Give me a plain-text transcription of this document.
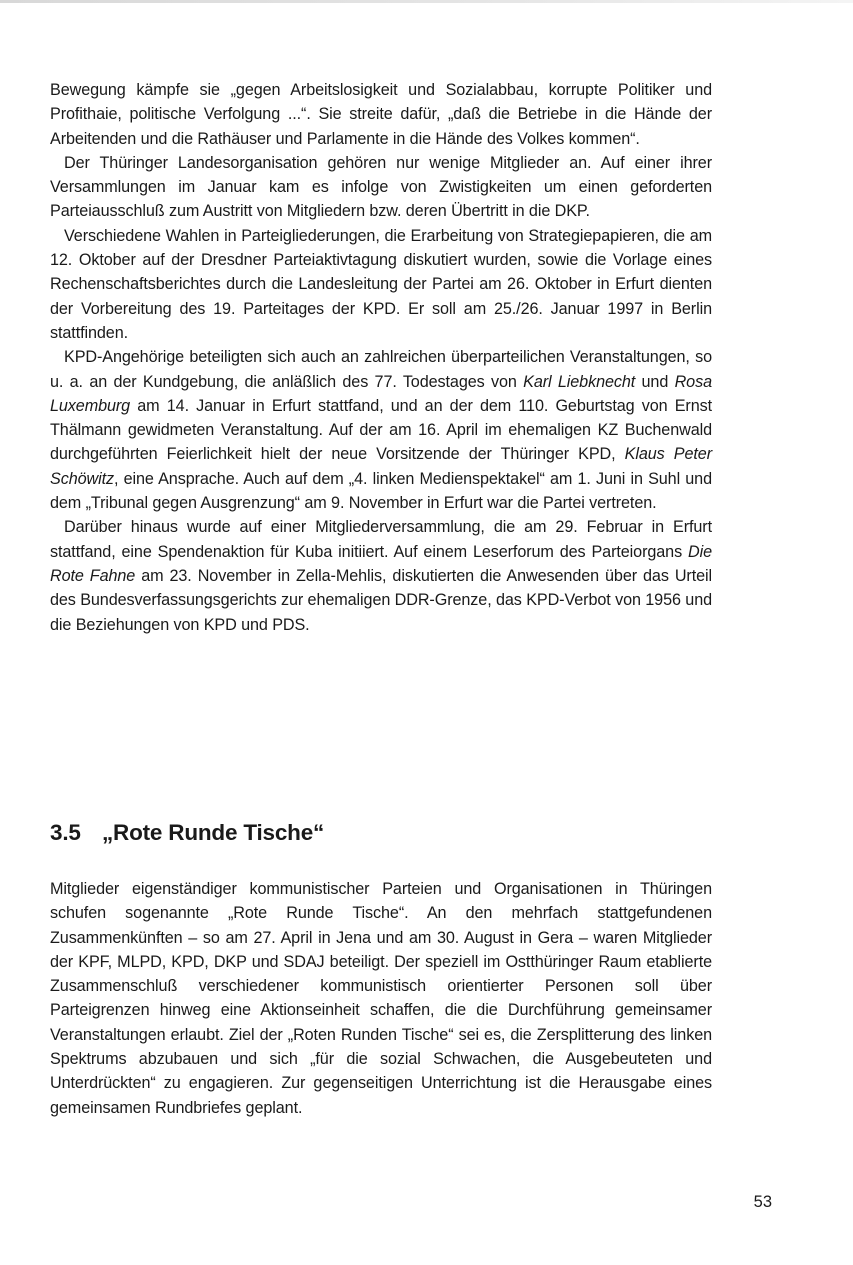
Bewegung kämpfe sie „gegen Arbeitslosigkeit und Sozialabbau, korrupte Politiker und Profithaie, politische Verfolgung ...“. Sie streite dafür, „daß die Betriebe in die Hände der Arbeitenden und die Rathäuser und Parlamente in die Hände des Volkes kommen“.

Der Thüringer Landesorganisation gehören nur wenige Mitglieder an. Auf einer ihrer Versammlungen im Januar kam es infolge von Zwistigkeiten um einen geforderten Parteiausschluß zum Austritt von Mitgliedern bzw. deren Übertritt in die DKP.

Verschiedene Wahlen in Parteigliederungen, die Erarbeitung von Strategiepapieren, die am 12. Oktober auf der Dresdner Parteiaktivtagung diskutiert wurden, sowie die Vorlage eines Rechenschaftsberichtes durch die Landesleitung der Partei am 26. Oktober in Erfurt dienten der Vorbereitung des 19. Parteitages der KPD. Er soll am 25./26. Januar 1997 in Berlin stattfinden.

KPD-Angehörige beteiligten sich auch an zahlreichen überparteilichen Veranstaltungen, so u. a. an der Kundgebung, die anläßlich des 77. Todestages von Karl Liebknecht und Rosa Luxemburg am 14. Januar in Erfurt stattfand, und an der dem 110. Geburtstag von Ernst Thälmann gewidmeten Veranstaltung. Auf der am 16. April im ehemaligen KZ Buchenwald durchgeführten Feierlichkeit hielt der neue Vorsitzende der Thüringer KPD, Klaus Peter Schöwitz, eine Ansprache. Auch auf dem „4. linken Medienspektakel“ am 1. Juni in Suhl und dem „Tribunal gegen Ausgrenzung“ am 9. November in Erfurt war die Partei vertreten.

Darüber hinaus wurde auf einer Mitgliederversammlung, die am 29. Februar in Erfurt stattfand, eine Spendenaktion für Kuba initiiert. Auf einem Leserforum des Parteiorgans Die Rote Fahne am 23. November in Zella-Mehlis, diskutierten die Anwesenden über das Urteil des Bundesverfassungsgerichts zur ehemaligen DDR-Grenze, das KPD-Verbot von 1956 und die Beziehungen von KPD und PDS.

3.5 „Rote Runde Tische“

Mitglieder eigenständiger kommunistischer Parteien und Organisationen in Thüringen schufen sogenannte „Rote Runde Tische“. An den mehrfach stattgefundenen Zusammenkünften – so am 27. April in Jena und am 30. August in Gera – waren Mitglieder der KPF, MLPD, KPD, DKP und SDAJ beteiligt. Der speziell im Ostthüringer Raum etablierte Zusammenschluß verschiedener kommunistisch orientierter Personen soll über Parteigrenzen hinweg eine Aktionseinheit schaffen, die die Durchführung gemeinsamer Veranstaltungen erlaubt. Ziel der „Roten Runden Tische“ sei es, die Zersplitterung des linken Spektrums abzubauen und sich „für die sozial Schwachen, die Ausgebeuteten und Unterdrückten“ zu engagieren. Zur gegenseitigen Unterrichtung ist die Herausgabe eines gemeinsamen Rundbriefes geplant.

53
